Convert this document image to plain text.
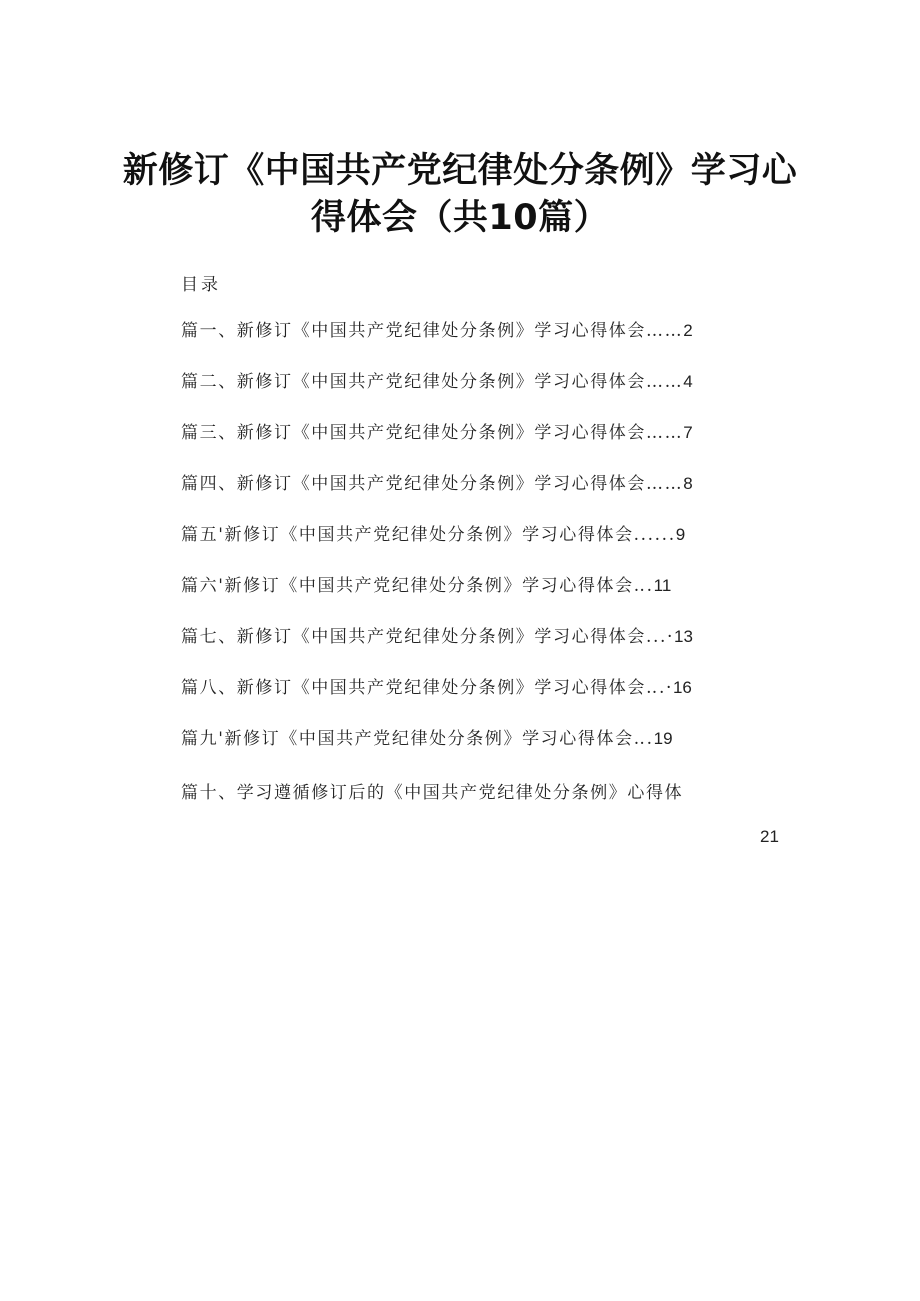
新修订《中国共产党纪律处分条例》学习心
得体会（共10篇）
目录
篇一、新修订《中国共产党纪律处分条例》学习心得体会……2
篇二、新修订《中国共产党纪律处分条例》学习心得体会……4
篇三、新修订《中国共产党纪律处分条例》学习心得体会……7
篇四、新修订《中国共产党纪律处分条例》学习心得体会……8
篇五'新修订《中国共产党纪律处分条例》学习心得体会......9
篇六'新修订《中国共产党纪律处分条例》学习心得体会‥.11
篇七、新修订《中国共产党纪律处分条例》学习心得体会...·13
篇八、新修订《中国共产党纪律处分条例》学习心得体会‥.·16
篇九'新修订《中国共产党纪律处分条例》学习心得体会‥.19
篇十、学习遵循修订后的《中国共产党纪律处分条例》心得体
21
